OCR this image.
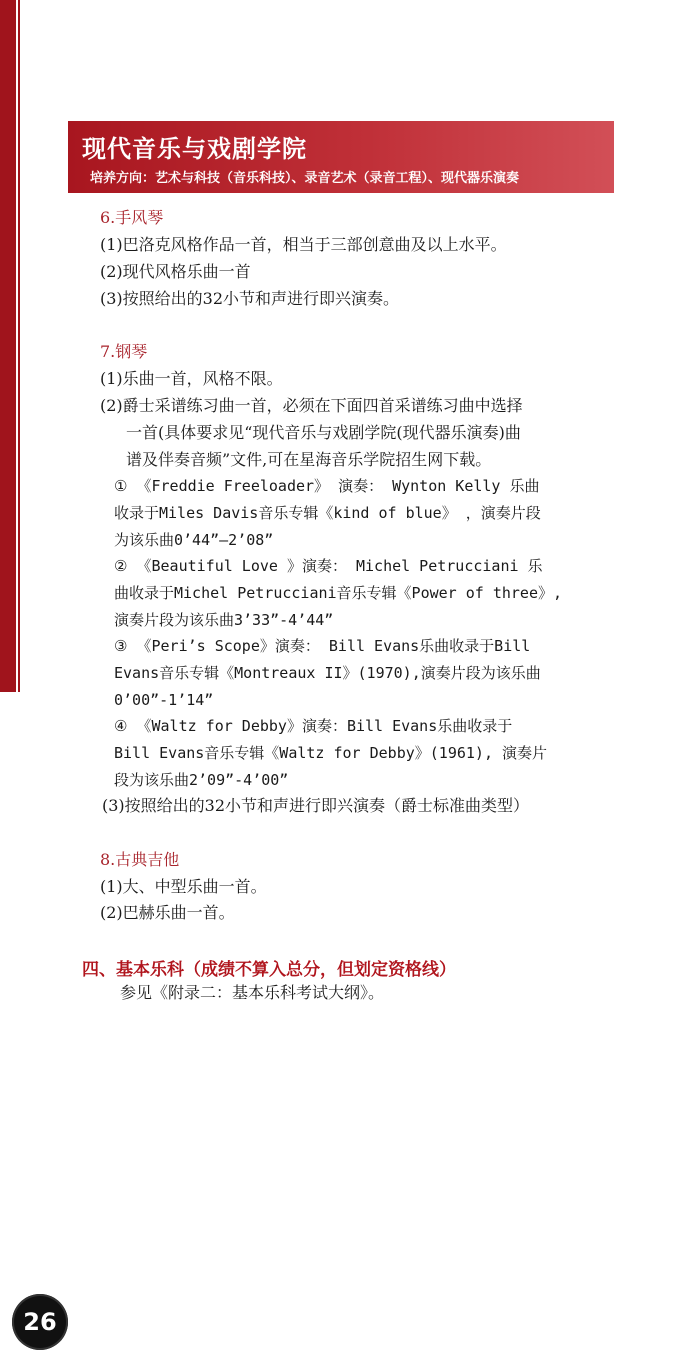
现代音乐与戏剧学院
培养方向：艺术与科技（音乐科技）、录音艺术（录音工程）、现代器乐演奏
6.手风琴
(1)巴洛克风格作品一首，相当于三部创意曲及以上水平。
(2)现代风格乐曲一首
(3)按照给出的32小节和声进行即兴演奏。
7.钢琴
(1)乐曲一首，风格不限。
(2)爵士采谱练习曲一首，必须在下面四首采谱练习曲中选择
一首(具体要求见“现代音乐与戏剧学院(现代器乐演奏)曲
谱及伴奏音频”文件,可在星海音乐学院招生网下载。
① 《Freddie Freeloader》 演奏： Wynton Kelly 乐曲
收录于Miles Davis音乐专辑《kind of blue》 ，演奏片段
为该乐曲0’44”—2’08”
② 《Beautiful Love 》演奏： Michel Petrucciani 乐
曲收录于Michel Petrucciani音乐专辑《Power of three》,
演奏片段为该乐曲3’33”-4’44”
③ 《Peri’s Scope》演奏： Bill Evans乐曲收录于Bill
Evans音乐专辑《Montreaux II》(1970),演奏片段为该乐曲
0’00”-1’14”
④ 《Waltz for Debby》演奏：Bill Evans乐曲收录于
Bill Evans音乐专辑《Waltz for Debby》(1961), 演奏片
段为该乐曲2’09”-4’00”
(3)按照给出的32小节和声进行即兴演奏（爵士标准曲类型）
8.古典吉他
(1)大、中型乐曲一首。
(2)巴赫乐曲一首。
四、基本乐科（成绩不算入总分，但划定资格线）
参见《附录二：基本乐科考试大纲》。
26
